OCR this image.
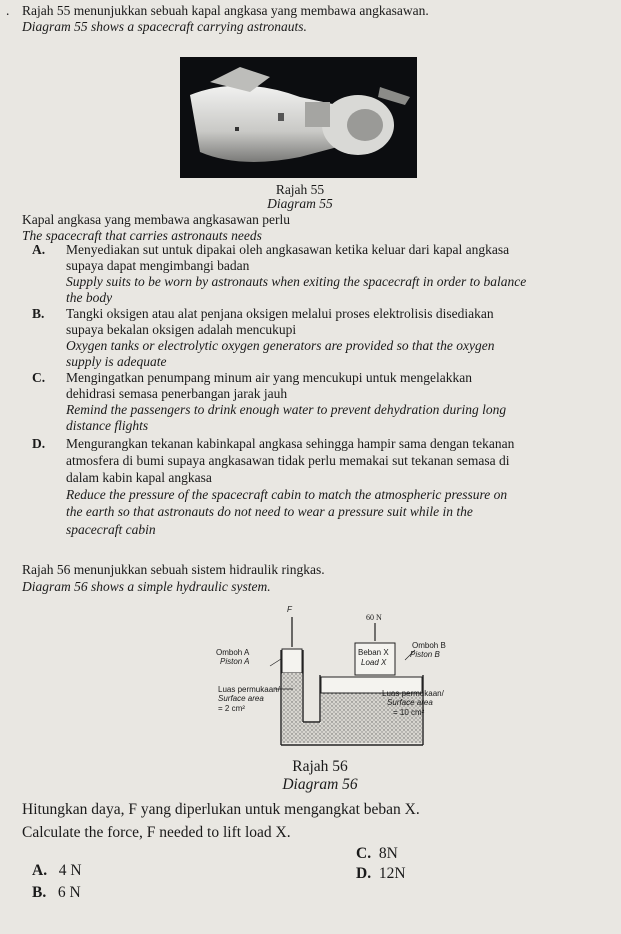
. Rajah 55 menunjukkan sebuah kapal angkasa yang membawa angkasawan.
Diagram 55 shows a spacecraft carrying astronauts.
Rajah 55
Diagram 55
Kapal angkasa yang membawa angkasawan perlu
The spacecraft that carries astronauts needs
A. Menyediakan sut untuk dipakai oleh angkasawan ketika keluar dari kapal angkasa
supaya dapat mengimbangi badan
Supply suits to be worn by astronauts when exiting the spacecraft in order to balance
the body
B. Tangki oksigen atau alat penjana oksigen melalui proses elektrolisis disediakan
supaya bekalan oksigen adalah mencukupi
Oxygen tanks or electrolytic oxygen generators are provided so that the oxygen
supply is adequate
C. Mengingatkan penumpang minum air yang mencukupi untuk mengelakkan
dehidrasi semasa penerbangan jarak jauh
Remind the passengers to drink enough water to prevent dehydration during long
distance flights
D. Mengurangkan tekanan kabinkapal angkasa sehingga hampir sama dengan tekanan
atmosfera di bumi supaya angkasawan tidak perlu memakai sut tekanan semasa di
dalam kabin kapal angkasa
Reduce the pressure of the spacecraft cabin to match the atmospheric pressure on
the earth so that astronauts do not need to wear a pressure suit while in the
spacecraft cabin
Rajah 56 menunjukkan sebuah sistem hidraulik ringkas.
Diagram 56 shows a simple hydraulic system.
F
60 N
Omboh A
Piston A
Beban X
Load X
Omboh B
Piston B
Luas permukaan/
Surface area
= 2 cm²
Luas permukaan/
Surface area
= 10 cm²
Rajah 56
Diagram 56
Hitungkan daya, F yang diperlukan untuk mengangkat beban X.
Calculate the force, F needed to lift load X.
C. 8N
A. 4 N	D. 12N
B. 6 N
